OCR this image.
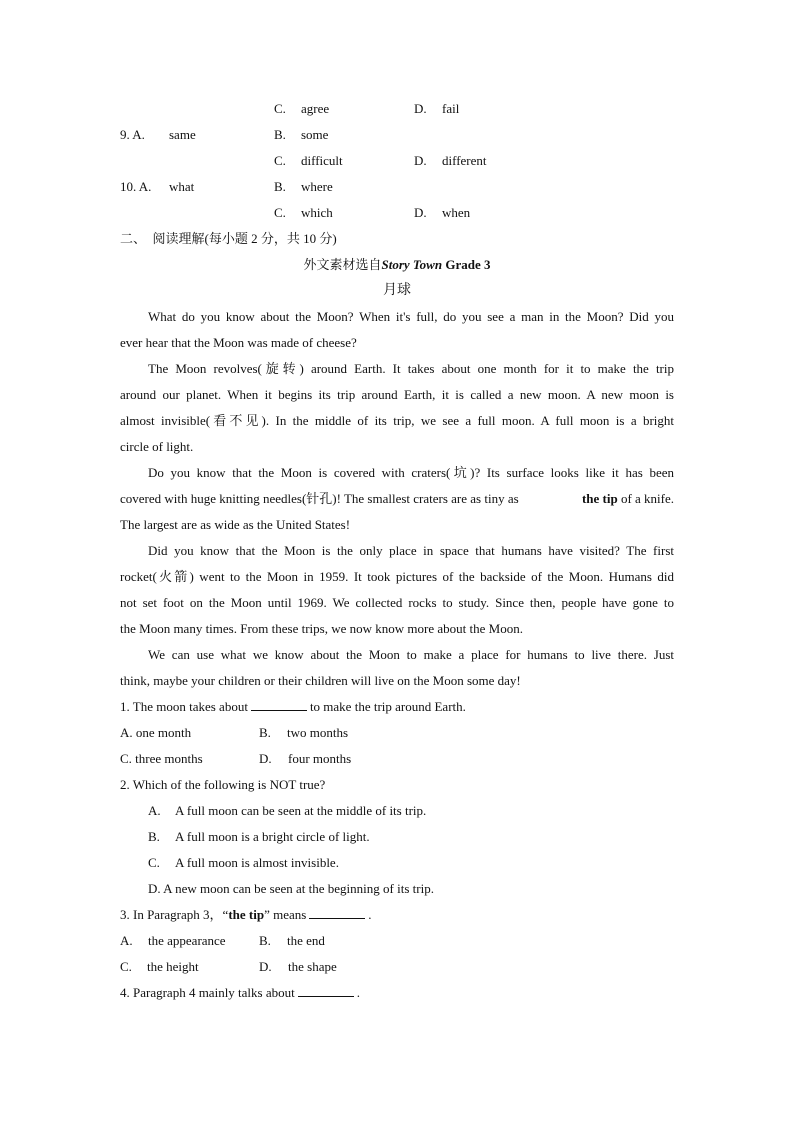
C. agree	D. fail
9. A. same	B. some
C. difficult	D. different
10. A. what	B. where
C. which	D. when
二、  阅读理解(每小题 2 分，共 10 分)
外文素材选自Story Town Grade 3
月球
What do you know about the Moon? When it's full, do you see a man in the Moon? Did you
ever hear that the Moon was made of cheese?
The Moon revolves(旋转) around Earth. It takes about one month for it to make the trip
around our planet. When it begins its trip around Earth, it is called a new moon. A new moon is
almost invisible(看不见). In the middle of its trip, we see a full moon. A full moon is a bright
circle of light.
Do you know that the Moon is covered with craters(坑)? Its surface looks like it has been
covered with huge knitting needles(针孔)! The smallest craters are as tiny as	the tip of a knife.
The largest are as wide as the United States!
Did you know that the Moon is the only place in space that humans have visited? The first
rocket(火箭) went to the Moon in 1959. It took pictures of the backside of the Moon. Humans did
not set foot on the Moon until 1969. We collected rocks to study. Since then, people have gone to
the Moon many times. From these trips, we now know more about the Moon.
We can use what we know about the Moon to make a place for humans to live there. Just
think, maybe your children or their children will live on the Moon some day!
1. The moon takes about	to make the trip around Earth.
A. one month	B. two months
C. three months	D. four months
2. Which of the following is NOT true?
A. A full moon can be seen at the middle of its trip.
B. A full moon is a bright circle of light.
C. A full moon is almost invisible.
D. A new moon can be seen at the beginning of its trip.
3. In Paragraph 3，“the tip” means	.
A. the appearance	B. the end
C. the height	D. the shape
4. Paragraph 4 mainly talks about	.
